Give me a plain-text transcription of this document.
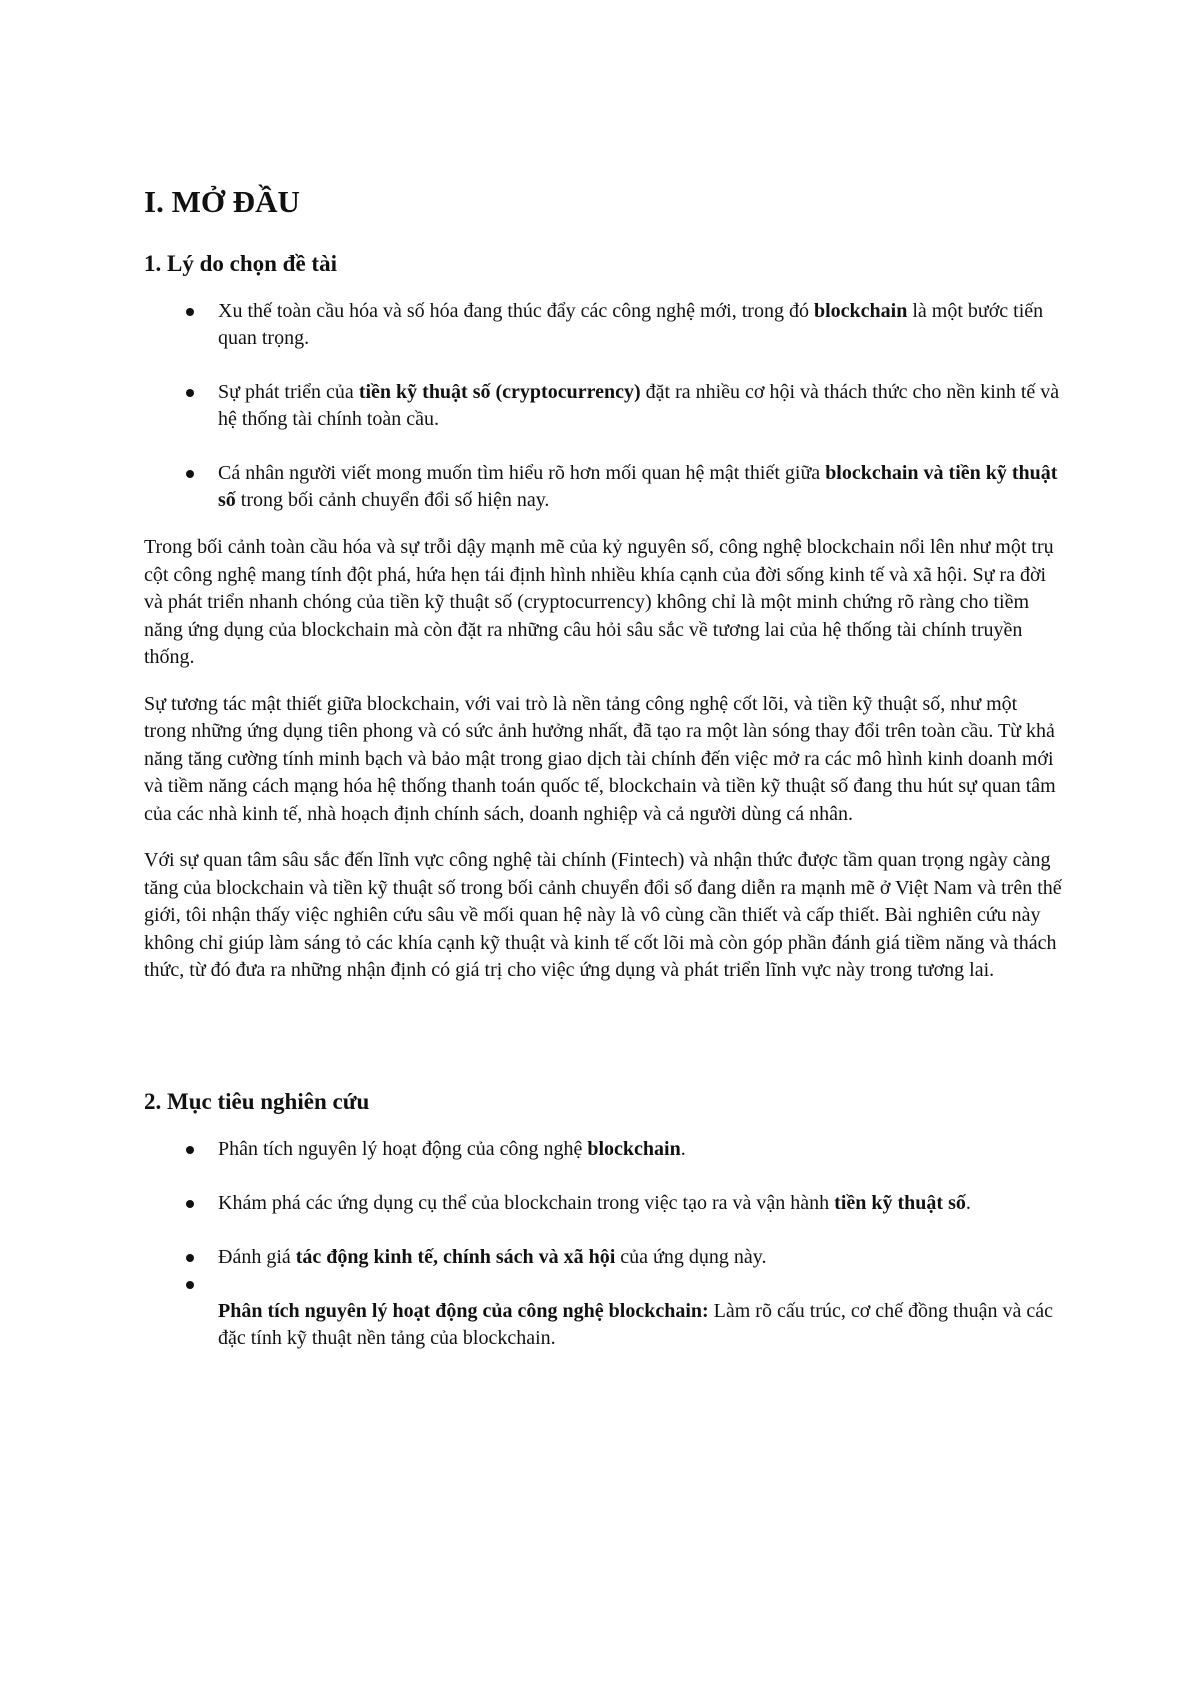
I. MỞ ĐẦU
1. Lý do chọn đề tài
Xu thế toàn cầu hóa và số hóa đang thúc đẩy các công nghệ mới, trong đó blockchain là một bước tiến quan trọng.
Sự phát triển của tiền kỹ thuật số (cryptocurrency) đặt ra nhiều cơ hội và thách thức cho nền kinh tế và hệ thống tài chính toàn cầu.
Cá nhân người viết mong muốn tìm hiểu rõ hơn mối quan hệ mật thiết giữa blockchain và tiền kỹ thuật số trong bối cảnh chuyển đổi số hiện nay.

Trong bối cảnh toàn cầu hóa và sự trỗi dậy mạnh mẽ của kỷ nguyên số, công nghệ blockchain nổi lên như một trụ cột công nghệ mang tính đột phá, hứa hẹn tái định hình nhiều khía cạnh của đời sống kinh tế và xã hội. Sự ra đời và phát triển nhanh chóng của tiền kỹ thuật số (cryptocurrency) không chỉ là một minh chứng rõ ràng cho tiềm năng ứng dụng của blockchain mà còn đặt ra những câu hỏi sâu sắc về tương lai của hệ thống tài chính truyền thống.

Sự tương tác mật thiết giữa blockchain, với vai trò là nền tảng công nghệ cốt lõi, và tiền kỹ thuật số, như một trong những ứng dụng tiên phong và có sức ảnh hưởng nhất, đã tạo ra một làn sóng thay đổi trên toàn cầu. Từ khả năng tăng cường tính minh bạch và bảo mật trong giao dịch tài chính đến việc mở ra các mô hình kinh doanh mới và tiềm năng cách mạng hóa hệ thống thanh toán quốc tế, blockchain và tiền kỹ thuật số đang thu hút sự quan tâm của các nhà kinh tế, nhà hoạch định chính sách, doanh nghiệp và cả người dùng cá nhân.

Với sự quan tâm sâu sắc đến lĩnh vực công nghệ tài chính (Fintech) và nhận thức được tầm quan trọng ngày càng tăng của blockchain và tiền kỹ thuật số trong bối cảnh chuyển đổi số đang diễn ra mạnh mẽ ở Việt Nam và trên thế giới, tôi nhận thấy việc nghiên cứu sâu về mối quan hệ này là vô cùng cần thiết và cấp thiết. Bài nghiên cứu này không chỉ giúp làm sáng tỏ các khía cạnh kỹ thuật và kinh tế cốt lõi mà còn góp phần đánh giá tiềm năng và thách thức, từ đó đưa ra những nhận định có giá trị cho việc ứng dụng và phát triển lĩnh vực này trong tương lai.

2. Mục tiêu nghiên cứu
Phân tích nguyên lý hoạt động của công nghệ blockchain.
Khám phá các ứng dụng cụ thể của blockchain trong việc tạo ra và vận hành tiền kỹ thuật số.
Đánh giá tác động kinh tế, chính sách và xã hội của ứng dụng này.
Phân tích nguyên lý hoạt động của công nghệ blockchain: Làm rõ cấu trúc, cơ chế đồng thuận và các đặc tính kỹ thuật nền tảng của blockchain.
